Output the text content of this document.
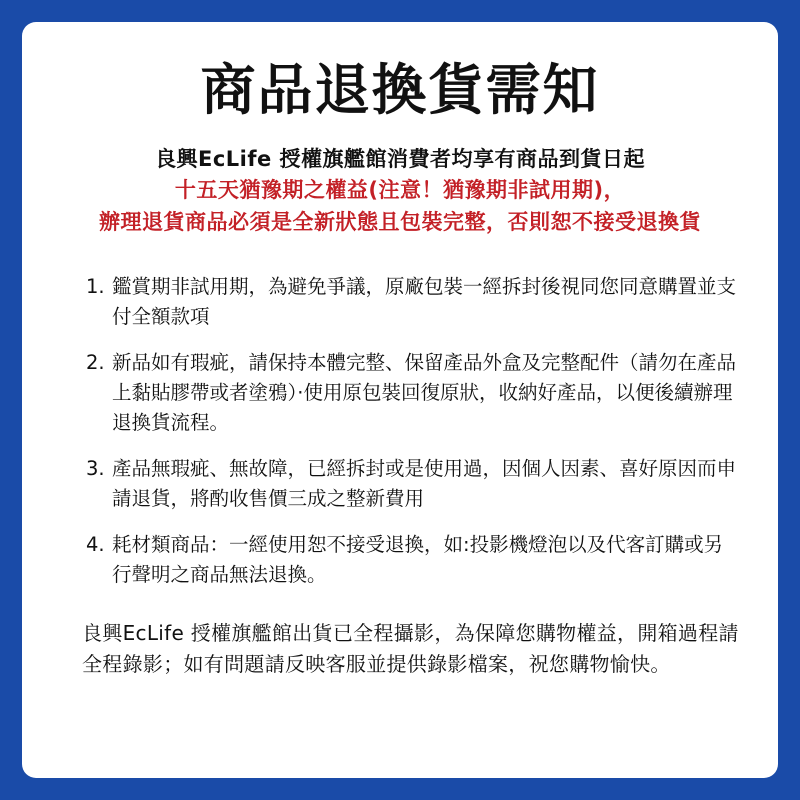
商品退換貨需知
良興EcLife 授權旗艦館消費者均享有商品到貨日起
十五天猶豫期之權益(注意！猶豫期非試用期)，
辦理退貨商品必須是全新狀態且包裝完整，否則恕不接受退換貨
1. 鑑賞期非試用期，為避免爭議，原廠包裝一經拆封後視同您同意購置並支付全額款項
2. 新品如有瑕疵，請保持本體完整、保留產品外盒及完整配件（請勿在產品上黏貼膠帶或者塗鴉）·使用原包裝回復原狀，收納好產品，以便後續辦理退換貨流程。
3. 產品無瑕疵、無故障，已經拆封或是使用過，因個人因素、喜好原因而申請退貨，將酌收售價三成之整新費用
4. 耗材類商品：一經使用恕不接受退換，如:投影機燈泡以及代客訂購或另行聲明之商品無法退換。
良興EcLife 授權旗艦館出貨已全程攝影，為保障您購物權益，開箱過程請全程錄影；如有問題請反映客服並提供錄影檔案，祝您購物愉快。
